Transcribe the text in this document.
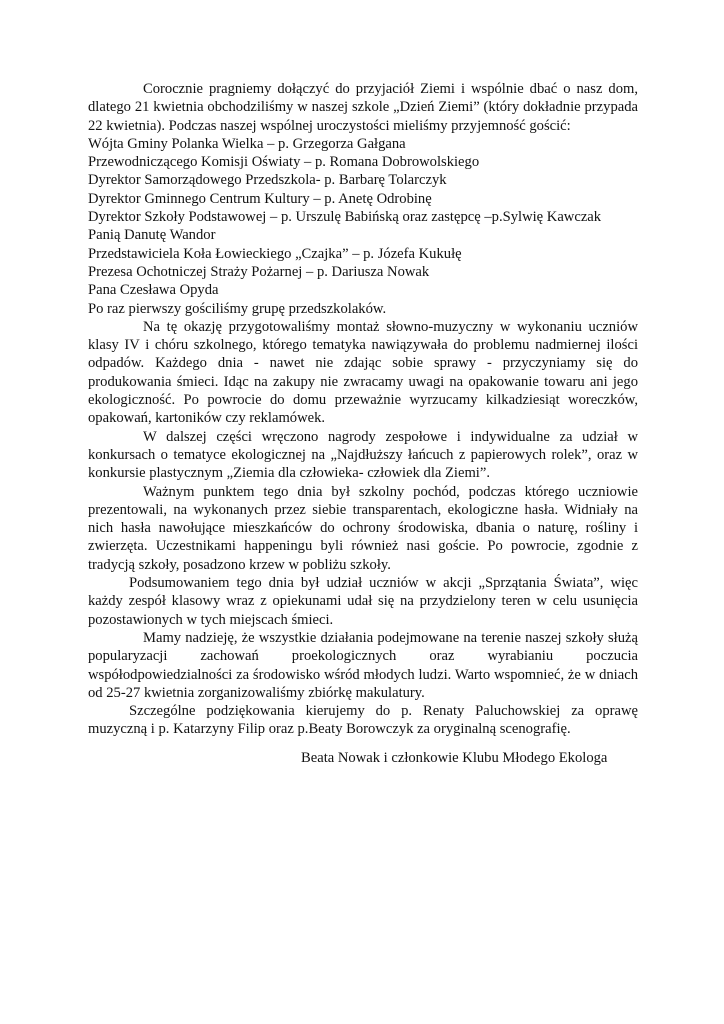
Corocznie pragniemy dołączyć do przyjaciół Ziemi i wspólnie dbać o nasz dom, dlatego 21 kwietnia obchodziliśmy w naszej szkole „Dzień Ziemi” (który dokładnie przypada 22 kwietnia). Podczas naszej wspólnej uroczystości mieliśmy przyjemność gościć:

Wójta Gminy Polanka Wielka – p. Grzegorza Gałgana
Przewodniczącego Komisji Oświaty – p. Romana Dobrowolskiego
Dyrektor Samorządowego Przedszkola- p. Barbarę Tolarczyk
Dyrektor Gminnego Centrum Kultury – p. Anetę Odrobinę
Dyrektor Szkoły Podstawowej – p. Urszulę Babińską oraz zastępcę –p.Sylwię Kawczak
Panią Danutę Wandor
Przedstawiciela Koła Łowieckiego „Czajka” – p. Józefa Kukułę
Prezesa Ochotniczej Straży Pożarnej – p. Dariusza Nowak
Pana Czesława Opyda
Po raz pierwszy gościliśmy grupę przedszkolaków.

Na tę okazję przygotowaliśmy montaż słowno-muzyczny w wykonaniu uczniów klasy IV i chóru szkolnego, którego tematyka nawiązywała do problemu nadmiernej ilości odpadów. Każdego dnia - nawet nie zdając sobie sprawy - przyczyniamy się do produkowania śmieci. Idąc na zakupy nie zwracamy uwagi na opakowanie towaru ani jego ekologiczność. Po powrocie do domu przeważnie wyrzucamy kilkadziesiąt woreczków, opakowań, kartoników czy reklamówek.

W dalszej części wręczono nagrody zespołowe i indywidualne za udział w konkursach o tematyce ekologicznej na „Najdłuższy łańcuch z papierowych rolek”, oraz w konkursie plastycznym „Ziemia dla człowieka- człowiek dla Ziemi”.

Ważnym punktem tego dnia był szkolny pochód, podczas którego uczniowie prezentowali, na wykonanych przez siebie transparentach, ekologiczne hasła. Widniały na nich hasła nawołujące mieszkańców do ochrony środowiska, dbania o naturę, rośliny i zwierzęta. Uczestnikami happeningu byli również nasi goście. Po powrocie, zgodnie z tradycją szkoły, posadzono krzew w pobliżu szkoły.

Podsumowaniem tego dnia był udział uczniów w akcji „Sprzątania Świata”, więc każdy zespół klasowy wraz z opiekunami udał się na przydzielony teren w celu usunięcia pozostawionych w tych miejscach śmieci.

Mamy nadzieję, że wszystkie działania podejmowane na terenie naszej szkoły służą popularyzacji zachowań proekologicznych oraz wyrabianiu poczucia współodpowiedzialności za środowisko wśród młodych ludzi. Warto wspomnieć, że w dniach od 25-27 kwietnia zorganizowaliśmy zbiórkę makulatury.

Szczególne podziękowania kierujemy do p. Renaty Paluchowskiej za oprawę muzyczną i p. Katarzyny Filip oraz p.Beaty Borowczyk za oryginalną scenografię.

Beata Nowak i członkowie Klubu Młodego Ekologa
